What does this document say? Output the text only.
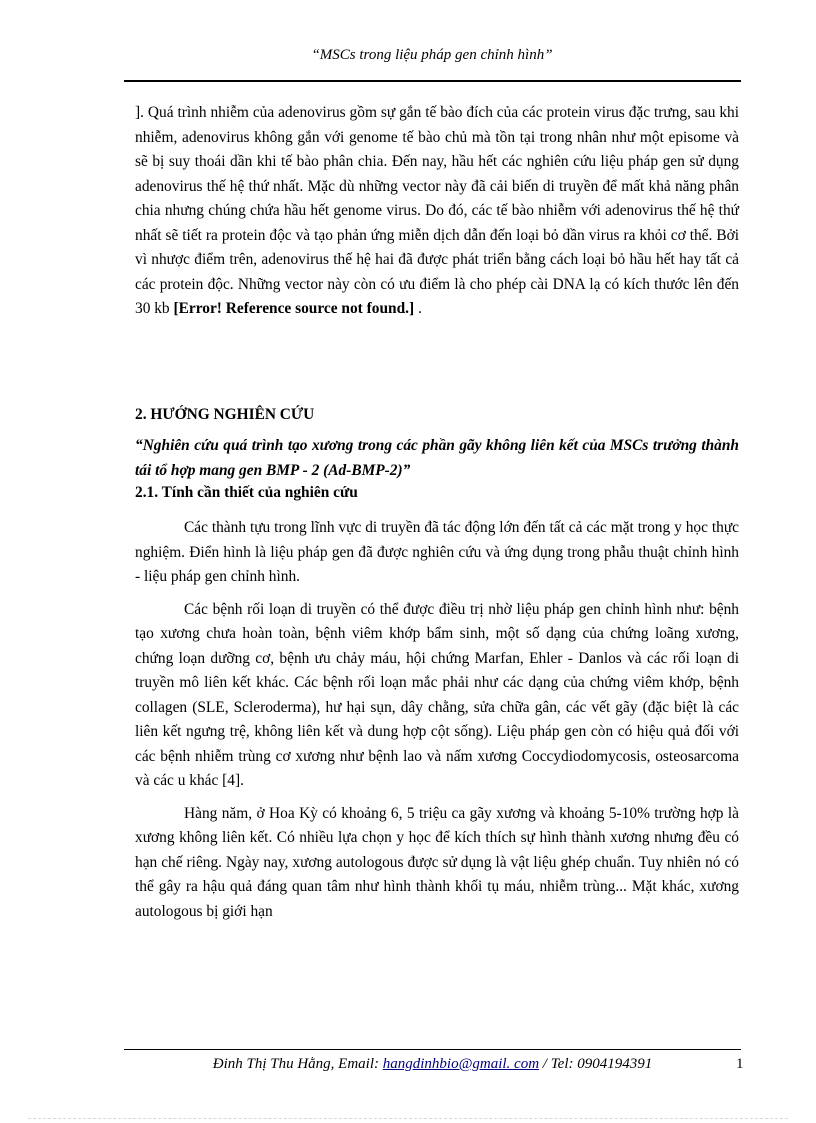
“MSCs trong liệu pháp gen chỉnh hình”

]. Quá trình nhiễm của adenovirus gồm sự gắn tế bào đích của các protein virus đặc trưng, sau khi nhiễm, adenovirus không gắn với genome tế bào chủ mà tồn tại trong nhân như một episome và sẽ bị suy thoái dần khi tế bào phân chia. Đến nay, hầu hết các nghiên cứu liệu pháp gen sử dụng adenovirus thế hệ thứ nhất. Mặc dù những vector này đã cải biến di truyền để mất khả năng phân chia nhưng chúng chứa hầu hết genome virus. Do đó, các tế bào nhiễm với adenovirus thế hệ thứ nhất sẽ tiết ra protein độc và tạo phản ứng miễn dịch dẫn đến loại bỏ dần virus ra khỏi cơ thể. Bởi vì nhược điểm trên, adenovirus thế hệ hai đã được phát triển bằng cách loại bỏ hầu hết hay tất cả các protein độc. Những vector này còn có ưu điểm là cho phép cài DNA lạ có kích thước lên đến 30 kb [Error! Reference source not found.] .

2. HƯỚNG NGHIÊN CỨU
“Nghiên cứu quá trình tạo xương trong các phần gãy không liên kết của MSCs trưởng thành tái tổ hợp mang gen BMP - 2 (Ad-BMP-2)”
2.1. Tính cần thiết của nghiên cứu

Các thành tựu trong lĩnh vực di truyền đã tác động lớn đến tất cả các mặt trong y học thực nghiệm. Điển hình là liệu pháp gen đã được nghiên cứu và ứng dụng trong phẫu thuật chỉnh hình - liệu pháp gen chỉnh hình.

Các bệnh rối loạn di truyền có thể được điều trị nhờ liệu pháp gen chỉnh hình như: bệnh tạo xương chưa hoàn toàn, bệnh viêm khớp bẩm sinh, một số dạng của chứng loãng xương, chứng loạn dưỡng cơ, bệnh ưu chảy máu, hội chứng Marfan, Ehler - Danlos và các rối loạn di truyền mô liên kết khác. Các bệnh rối loạn mắc phải như các dạng của chứng viêm khớp, bệnh collagen (SLE, Scleroderma), hư hại sụn, dây chằng, sửa chữa gân, các vết gãy (đặc biệt là các liên kết ngưng trệ, không liên kết và dung hợp cột sống). Liệu pháp gen còn có hiệu quả đối với các bệnh nhiễm trùng cơ xương như bệnh lao và nấm xương Coccydiodomycosis, osteosarcoma và các u khác [4].

Hàng năm, ở Hoa Kỳ có khoảng 6, 5 triệu ca gãy xương và khoảng 5-10% trường hợp là xương không liên kết. Có nhiều lựa chọn y học để kích thích sự hình thành xương nhưng đều có hạn chế riêng. Ngày nay, xương autologous được sử dụng là vật liệu ghép chuẩn. Tuy nhiên nó có thể gây ra hậu quả đáng quan tâm như hình thành khối tụ máu, nhiễm trùng... Mặt khác, xương autologous bị giới hạn

Đinh Thị Thu Hằng, Email: hangdinhbio@gmail. com / Tel: 0904194391	1
